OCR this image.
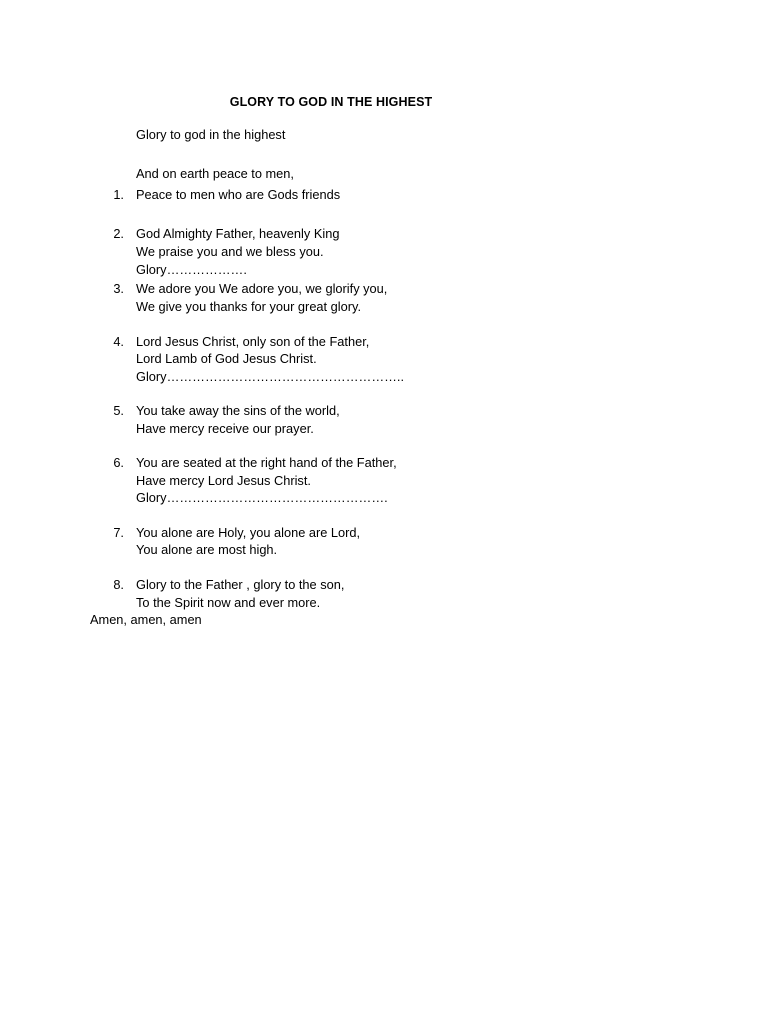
GLORY TO GOD IN THE HIGHEST
Glory to god in the highest
And on earth peace to men,
1. Peace to men who are Gods friends
2. God Almighty Father, heavenly King
We praise you and we bless you.
Glory……………….
3. We adore you We adore you, we glorify you,
We give you thanks for your great glory.
4. Lord Jesus Christ, only son of the Father,
Lord Lamb of God Jesus Christ.
Glory………………………………………………..
5. You take away the sins of the world,
Have mercy receive our prayer.
6. You are seated at the right hand of the Father,
Have mercy Lord Jesus Christ.
Glory…………………………………………….
7. You alone are Holy, you alone are Lord,
You alone are most high.
8. Glory to the Father , glory to the son,
To the Spirit now and ever more.
Amen, amen, amen
